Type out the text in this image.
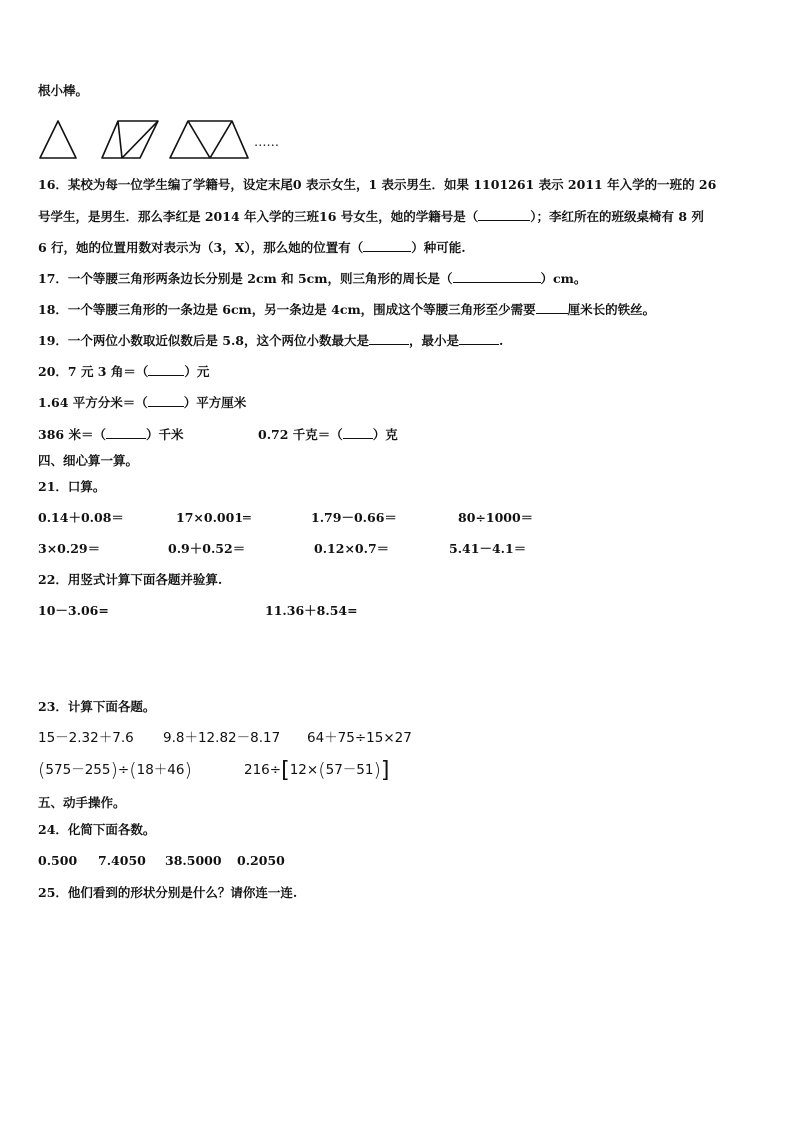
根小棒。
……
16．某校为每一位学生编了学籍号，设定末尾0 表示女生，1 表示男生．如果 1101261 表示 2011 年入学的一班的 26
号学生，是男生．那么李红是 2014 年入学的三班16 号女生，她的学籍号是（	）；李红所在的班级桌椅有 8 列
6 行，她的位置用数对表示为（3，X），那么她的位置有（	）种可能.
17．一个等腰三角形两条边长分别是 2cm 和 5cm，则三角形的周长是（	）cm。
18．一个等腰三角形的一条边是 6cm，另一条边是 4cm，围成这个等腰三角形至少需要	厘米长的铁丝。
19．一个两位小数取近似数后是 5.8，这个两位小数最大是	，最小是	.
20．7 元 3 角＝（	）元
1.64 平方分米＝（	）平方厘米
386 米＝（	）千米	0.72 千克＝（ ）克
四、细心算一算。
21．口算。
0.14＋0.08＝	17×0.001═	1.79－0.66＝	80÷1000＝
3×0.29＝	0.9＋0.52＝	0.12×0.7＝	5.41－4.1＝
22．用竖式计算下面各题并验算.
10－3.06=	11.36＋8.54=
23．计算下面各题。
15－2.32＋7.6 9.8＋12.82－8.17 64＋75÷15×27
(575－255)÷(18＋46)	216÷[12×(57－51)]
五、动手操作。
24．化简下面各数。
0.500 7.4050 38.5000 0.2050
25．他们看到的形状分别是什么？请你连一连.
